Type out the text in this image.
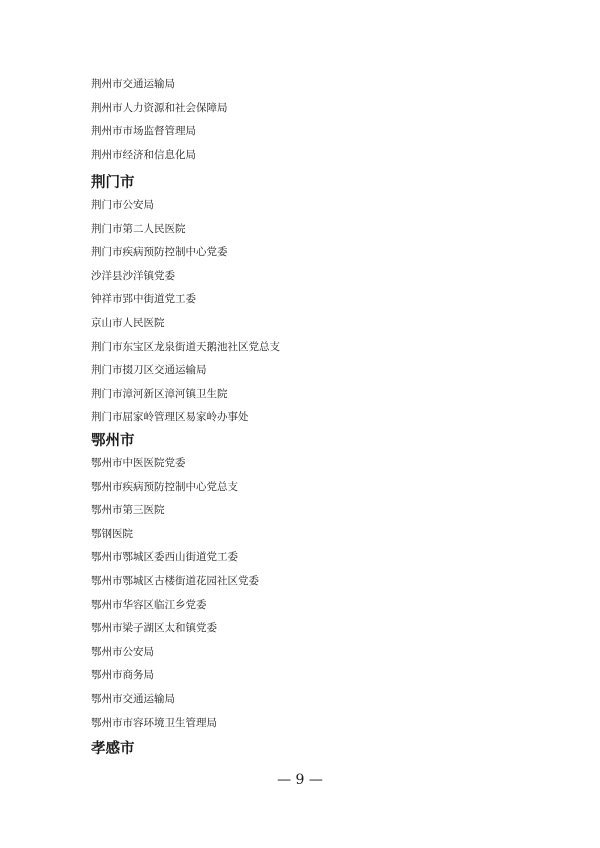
荆州市交通运输局
荆州市人力资源和社会保障局
荆州市市场监督管理局
荆州市经济和信息化局
荆门市
荆门市公安局
荆门市第二人民医院
荆门市疾病预防控制中心党委
沙洋县沙洋镇党委
钟祥市郢中街道党工委
京山市人民医院
荆门市东宝区龙泉街道天鹅池社区党总支
荆门市掇刀区交通运输局
荆门市漳河新区漳河镇卫生院
荆门市屈家岭管理区易家岭办事处
鄂州市
鄂州市中医医院党委
鄂州市疾病预防控制中心党总支
鄂州市第三医院
鄂钢医院
鄂州市鄂城区委西山街道党工委
鄂州市鄂城区古楼街道花园社区党委
鄂州市华容区临江乡党委
鄂州市梁子湖区太和镇党委
鄂州市公安局
鄂州市商务局
鄂州市交通运输局
鄂州市市容环境卫生管理局
孝感市
— 9 —
